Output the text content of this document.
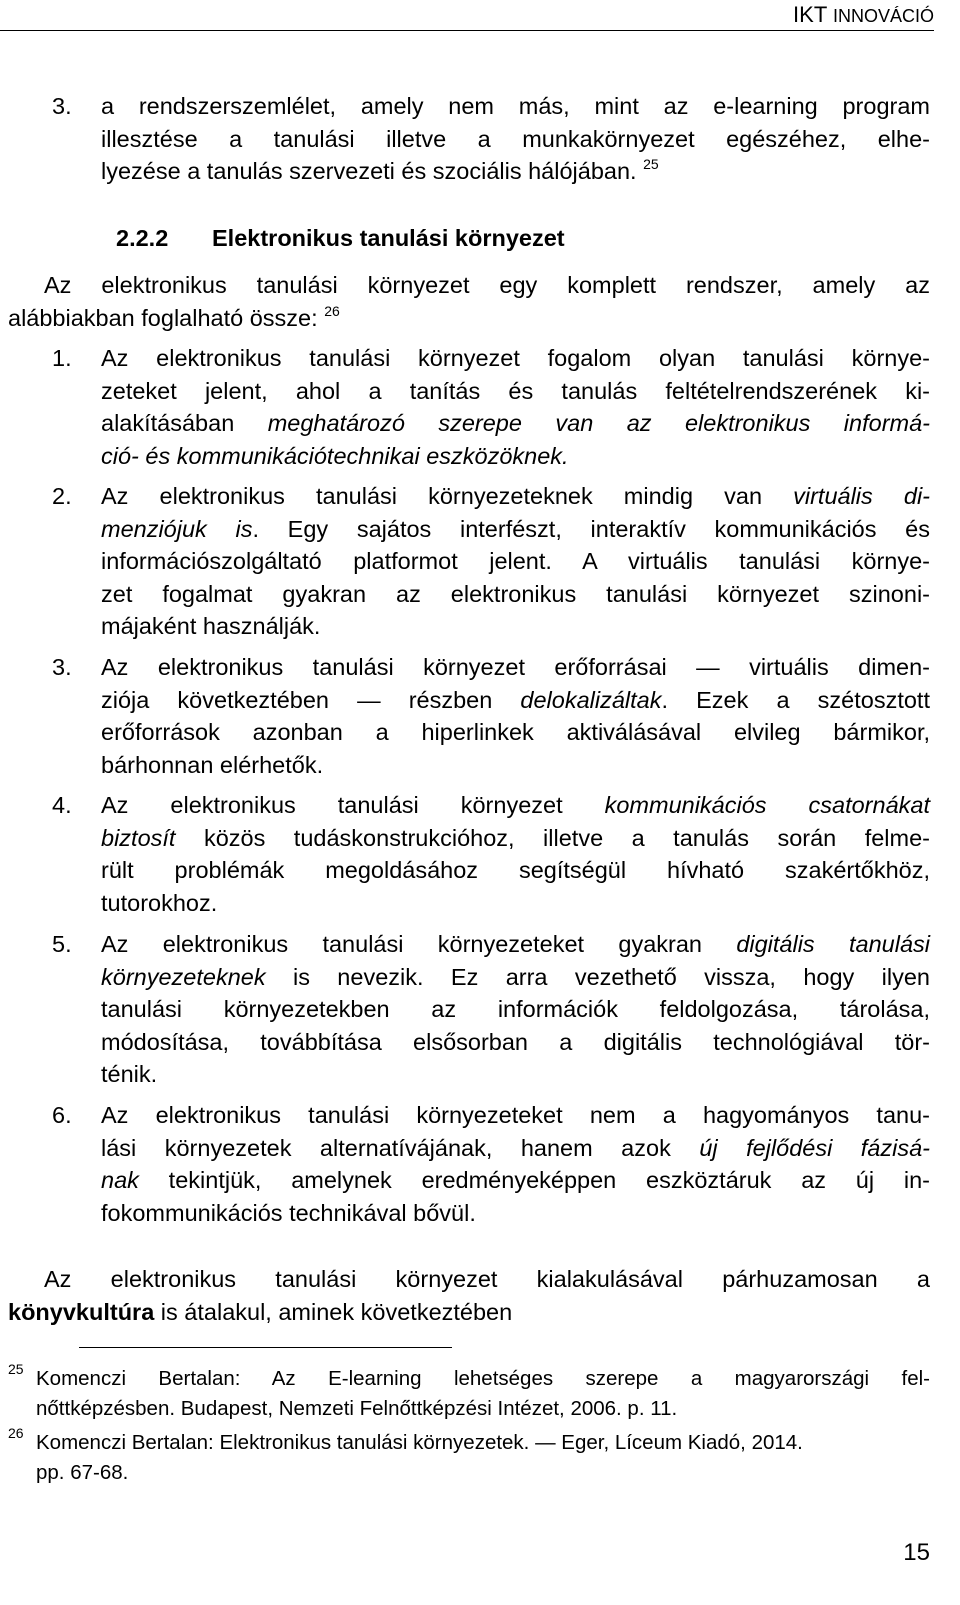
IKT INNOVÁCIÓ
3. a rendszerszemlélet, amely nem más, mint az e-learning program
illesztése a tanulási illetve a munkakörnyezet egészéhez, elhe-
lyezése a tanulás szervezeti és szociális hálójában. $^{25}$
2.2.2 Elektronikus tanulási környezet
Az elektronikus tanulási környezet egy komplett rendszer, amely az
alábbiakban foglalható össze: $^{26}$
1. Az elektronikus tanulási környezet fogalom olyan tanulási környe-
zeteket jelent, ahol a tanítás és tanulás feltételrendszerének ki-
alakításában meghatározó szerepe van az elektronikus informá-
ció- és kommunikációtechnikai eszközöknek.
2. Az elektronikus tanulási környezeteknek mindig van virtuális di-
menziójuk is. Egy sajátos interfészt, interaktív kommunikációs és
információszolgáltató platformot jelent. A virtuális tanulási környe-
zet fogalmat gyakran az elektronikus tanulási környezet szinoni-
májaként használják.
3. Az elektronikus tanulási környezet erőforrásai — virtuális dimen-
ziója következtében — részben delokalizáltak. Ezek a szétosztott
erőforrások azonban a hiperlinkek aktiválásával elvileg bármikor,
bárhonnan elérhetők.
4. Az elektronikus tanulási környezet kommunikációs csatornákat
biztosít közös tudáskonstrukcióhoz, illetve a tanulás során felme-
rült problémák megoldásához segítségül hívható szakértőkhöz,
tutorokhoz.
5. Az elektronikus tanulási környezeteket gyakran digitális tanulási
környezeteknek is nevezik. Ez arra vezethető vissza, hogy ilyen
tanulási környezetekben az információk feldolgozása, tárolása,
módosítása, továbbítása elsősorban a digitális technológiával tör-
ténik.
6. Az elektronikus tanulási környezeteket nem a hagyományos tanu-
lási környezetek alternatívájának, hanem azok új fejlődési fázisá-
nak tekintjük, amelynek eredményeképpen eszköztáruk az új in-
fokommunikációs technikával bővül.
Az elektronikus tanulási környezet kialakulásával párhuzamosan a
könyvkultúra is átalakul, aminek következtében
25 Komenczi Bertalan: Az E-learning lehetséges szerepe a magyarországi fel-
nőttképzésben. Budapest, Nemzeti Felnőttképzési Intézet, 2006. p. 11.
26 Komenczi Bertalan: Elektronikus tanulási környezetek. — Eger, Líceum Kiadó, 2014.
pp. 67-68.
15
